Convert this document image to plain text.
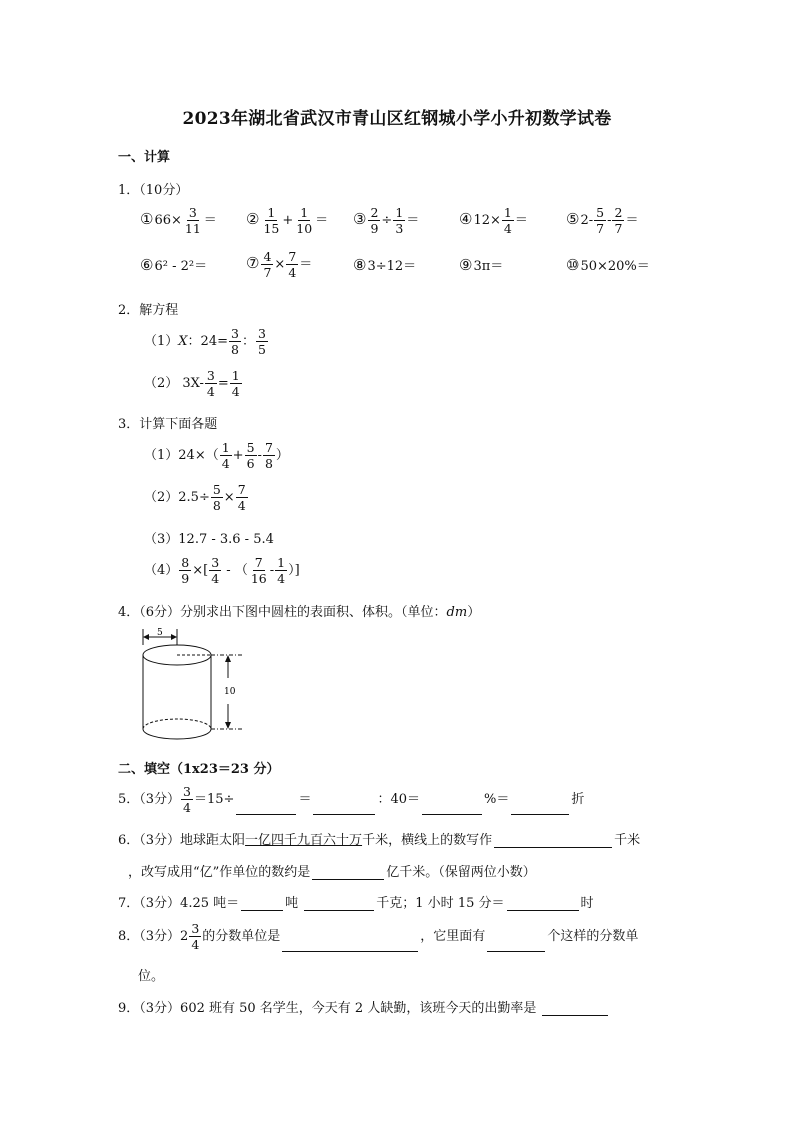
2023年湖北省武汉市青山区红钢城小学小升初数学试卷
一、计算
1．（10分）
①66× $\frac{3}{11}$ ＝ ② $\frac{1}{15} + \frac{1}{10}$ ＝ ③ $\frac{2}{9} \div \frac{1}{3}$ ＝	④12× $\frac{1}{4}$ ＝	⑤2- $\frac{5}{7} - \frac{2}{7}$ ＝
⑥6² - 2²＝	⑦ $\frac{4}{7} \times \frac{7}{4}$ ＝	⑧3÷12＝	⑨3π＝	⑩50×20%＝
2．解方程
（1）X：$24= \frac{3}{8}$ ： $\frac{3}{5}$
（2） $3X- \frac{3}{4} = \frac{1}{4}$
3．计算下面各题
$(1)24\times( \frac{1}{4} + \frac{5}{6} - \frac{7}{8}$ ）
$(2)2.5\div \frac{5}{8} \times \frac{7}{4}$
（3）12.7 - 3.6 - 5.4
$(4) \frac{8}{9}$ ×[ $\frac{3}{4}$ - （ $\frac{7}{16} - \frac{1}{4}$ ）]
4．（6分）分别求出下图中圆柱的表面积、体积。（单位：dm）
5
10
二、填空（1x23＝23 分）
5．（3分） $\frac{3}{4} =15\div$	＝	：40＝	%＝	折
6．（3分）地球距太阳一亿四千九百六十万千米，横线上的数写作	千米
，改写成用“亿”作单位的数约是	亿千米。（保留两位小数）
7．（3分）4.25 吨＝	吨	千克；1 小时 15 分＝	时
8．（3分）$2 \frac{3}{4}$ 的分数单位是	，它里面有	个这样的分数单
位。
9．（3分）602 班有 50 名学生，今天有 2 人缺勤，该班今天的出勤率是
